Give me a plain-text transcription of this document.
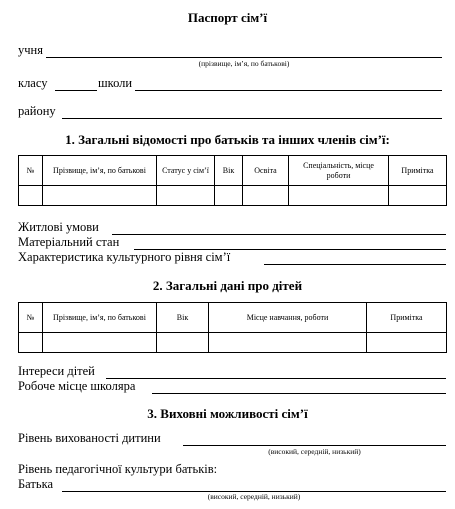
Паспорт сім’ї
учня
(прізвище, ім’я, по батькові)
класу	школи
району
1. Загальні відомості про батьків та інших членів сім’ї:
№	Прізвище, ім’я, по батькові	Статус у сім’ї	Вік	Освіта	Спеціальність, місце роботи	Примітка

Житлові умови
Матеріальний стан
Характеристика культурного рівня сім’ї
2. Загальні дані про дітей
№	Прізвище, ім’я, по батькові	Вік	Місце навчання, роботи	Примітка

Інтереси дітей
Робоче місце школяра
3. Виховні можливості сім’ї
Рівень вихованості дитини
(високий, середній, низький)
Рівень педагогічної культури батьків:
Батька
(високий, середній, низький)
